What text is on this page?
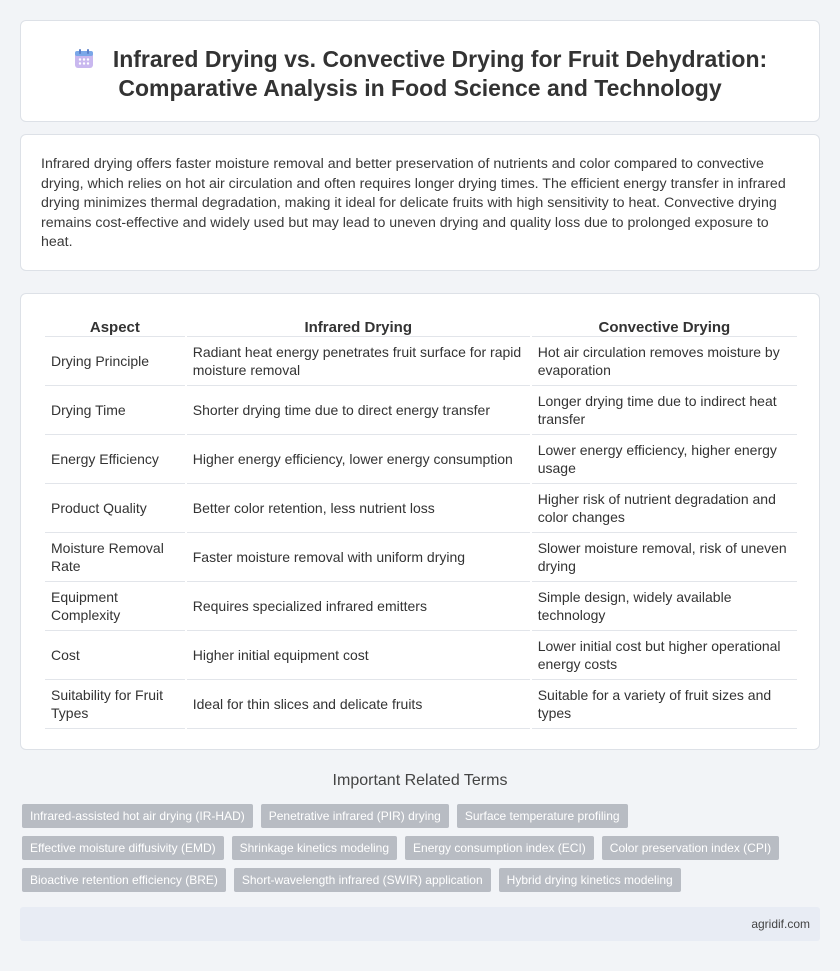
Infrared Drying vs. Convective Drying for Fruit Dehydration: Comparative Analysis in Food Science and Technology

Infrared drying offers faster moisture removal and better preservation of nutrients and color compared to convective drying, which relies on hot air circulation and often requires longer drying times. The efficient energy transfer in infrared drying minimizes thermal degradation, making it ideal for delicate fruits with high sensitivity to heat. Convective drying remains cost-effective and widely used but may lead to uneven drying and quality loss due to prolonged exposure to heat.

Aspect	Infrared Drying	Convective Drying
Drying Principle	Radiant heat energy penetrates fruit surface for rapid moisture removal	Hot air circulation removes moisture by evaporation
Drying Time	Shorter drying time due to direct energy transfer	Longer drying time due to indirect heat transfer
Energy Efficiency	Higher energy efficiency, lower energy consumption	Lower energy efficiency, higher energy usage
Product Quality	Better color retention, less nutrient loss	Higher risk of nutrient degradation and color changes
Moisture Removal Rate	Faster moisture removal with uniform drying	Slower moisture removal, risk of uneven drying
Equipment Complexity	Requires specialized infrared emitters	Simple design, widely available technology
Cost	Higher initial equipment cost	Lower initial cost but higher operational energy costs
Suitability for Fruit Types	Ideal for thin slices and delicate fruits	Suitable for a variety of fruit sizes and types
Important Related Terms
Infrared-assisted hot air drying (IR-HAD)	Penetrative infrared (PIR) drying	Surface temperature profiling
Effective moisture diffusivity (EMD)	Shrinkage kinetics modeling	Energy consumption index (ECI)	Color preservation index (CPI)
Bioactive retention efficiency (BRE)	Short-wavelength infrared (SWIR) application	Hybrid drying kinetics modeling
agridif.com
